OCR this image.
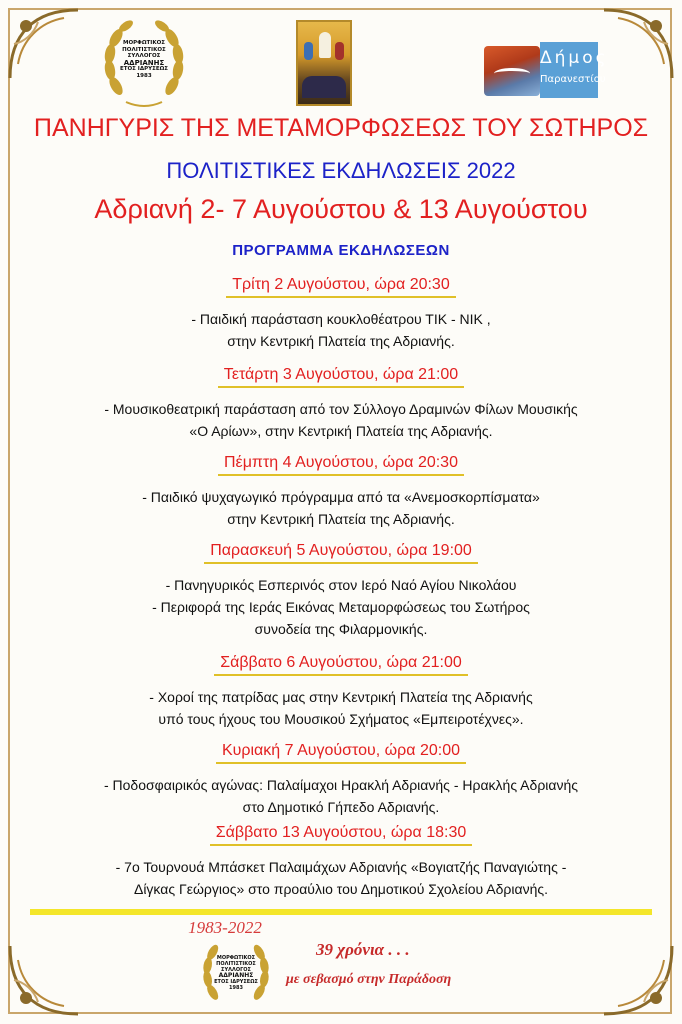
ΜΟΡΦΩΤΙΚΟΣ
ΠΟΛΙΤΙΣΤΙΚΟΣ
ΣΥΛΛΟΓΟΣ
ΑΔΡΙΑΝΗΣ
ΕΤΟΣ ΙΔΡΥΣΕΩΣ
1983
Δήμος
Παρανεστίου
ΠΑΝΗΓΥΡΙΣ ΤΗΣ ΜΕΤΑΜΟΡΦΩΣΕΩΣ ΤΟΥ ΣΩΤΗΡΟΣ
ΠΟΛΙΤΙΣΤΙΚΕΣ ΕΚΔΗΛΩΣΕΙΣ 2022
Αδριανή 2- 7 Αυγούστου & 13 Αυγούστου
ΠΡΟΓΡΑΜΜΑ ΕΚΔΗΛΩΣΕΩΝ
Τρίτη 2 Αυγούστου, ώρα 20:30
- Παιδική παράσταση κουκλοθέατρου ΤΙΚ - ΝΙΚ ,
στην Κεντρική Πλατεία της Αδριανής.
Τετάρτη 3 Αυγούστου, ώρα 21:00
- Μουσικοθεατρική παράσταση από τον Σύλλογο Δραμινών Φίλων Μουσικής
«Ο Αρίων», στην Κεντρική Πλατεία της Αδριανής.
Πέμπτη 4 Αυγούστου, ώρα 20:30
- Παιδικό ψυχαγωγικό πρόγραμμα από τα «Ανεμοσκορπίσματα»
στην Κεντρική Πλατεία της Αδριανής.
Παρασκευή 5 Αυγούστου, ώρα 19:00
- Πανηγυρικός Εσπερινός στον Ιερό Ναό Αγίου Νικολάου
- Περιφορά της Ιεράς Εικόνας Μεταμορφώσεως του Σωτήρος
συνοδεία της Φιλαρμονικής.
Σάββατο 6 Αυγούστου, ώρα 21:00
- Χοροί της πατρίδας μας στην Κεντρική Πλατεία της Αδριανής
υπό τους ήχους του Μουσικού Σχήματος «Εμπειροτέχνες».
Κυριακή 7 Αυγούστου, ώρα 20:00
- Ποδοσφαιρικός αγώνας: Παλαίμαχοι Ηρακλή Αδριανής - Ηρακλής Αδριανής
στο Δημοτικό Γήπεδο Αδριανής.
Σάββατο 13 Αυγούστου, ώρα 18:30
- 7ο Τουρνουά Μπάσκετ Παλαιμάχων Αδριανής «Βογιατζής Παναγιώτης -
Δίγκας Γεώργιος» στο προαύλιο του Δημοτικού Σχολείου Αδριανής.
1983-2022
ΜΟΡΦΩΤΙΚΟΣ
ΠΟΛΙΤΙΣΤΙΚΟΣ
ΣΥΛΛΟΓΟΣ
ΑΔΡΙΑΝΗΣ
ΕΤΟΣ ΙΔΡΥΣΕΩΣ
1983
39 χρόνια . . .
με σεβασμό στην Παράδοση
